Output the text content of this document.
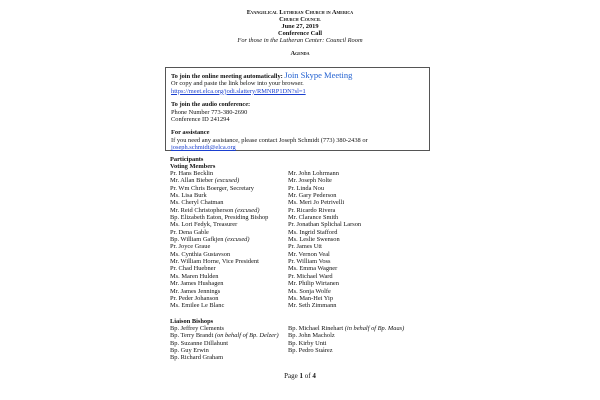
Evangelical Lutheran Church in America
Church Council
June 27, 2019
Conference Call
For those in the Lutheran Center: Council Room
Agenda
To join the online meeting automatically: Join Skype Meeting
Or copy and paste the link below into your browser.
https://meet.elca.org/jodi.slattery/RMNRP1DN?sl=1
To join the audio conference:
Phone Number 773-380-2690
Conference ID 241294
For assistance
If you need any assistance, please contact Joseph Schmidt (773) 380-2438 or joseph.schmidt@elca.org
Participants
Voting Members
Pr. Hans Becklin
Mr. Allan Bieber (excused)
Pr. Wm Chris Boerger, Secretary
Ms. Lisa Burk
Ms. Cheryl Chatman
Mr. Reid Christopherson (excused)
Bp. Elizabeth Eaton, Presiding Bishop
Ms. Lori Fedyk, Treasurer
Pr. Dena Gable
Bp. William Gafkjen (excused)
Pr. Joyce Graue
Ms. Cynthia Gustavson
Mr. William Horne, Vice President
Pr. Chad Huebner
Ms. Maren Hulden
Mr. James Hushagen
Mr. James Jennings
Pr. Peder Johanson
Ms. Emilee Le Blanc
Mr. John Lohrmann
Mr. Joseph Nolte
Pr. Linda Nou
Mr. Gary Pederson
Ms. Meri Jo Petrivelli
Pr. Ricardo Rivera
Mr. Clarance Smith
Pr. Jonathan Splichal Larson
Ms. Ingrid Stafford
Ms. Leslie Swenson
Pr. James Utt
Mr. Vernon Veal
Pr. William Voss
Ms. Emma Wagner
Pr. Michael Ward
Mr. Philip Wirtanen
Ms. Sonja Wolfe
Ms. Man-Hei Yip
Mr. Seth Zimmann
Liaison Bishops
Bp. Jeffrey Clements
Bp. Terry Brandt (on behalf of Bp. Delzer)
Bp. Suzanne Dillahunt
Bp. Guy Erwin
Bp. Richard Graham
Bp. Michael Rinehart (in behalf of Bp. Maas)
Bp. John Macholz
Bp. Kirby Unti
Bp. Pedro Suárez
Page 1 of 4
